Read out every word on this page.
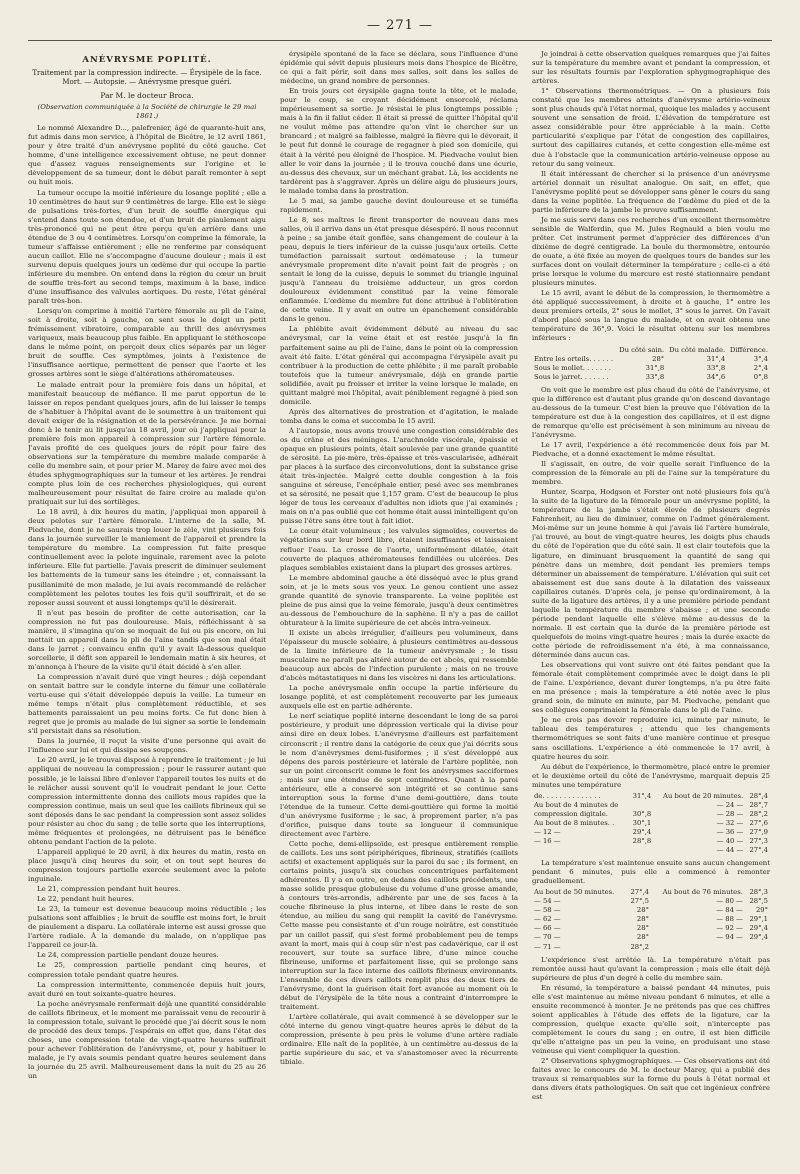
— 271 —
ANÉVRYSME POPLITÉ.
Traitement par la compression indirecte. — Érysipèle de la face. Mort. — Autopsie. — Anévrysme presque guéri.
Par M. le docteur Broca.
(Observation communiquée à la Société de chirurgie le 29 mai 1861.)

Le nommé Alexandre D..., palefrenier, âgé de quarante-huit ans, fut admis dans mon service, à l'hôpital de Bicêtre, le 12 avril 1861, pour y être traité d'un anévrysme poplité du côté gauche. Cet homme, d'une intelligence excessivement obtuse, ne peut donner que d'assez vagues renseignements sur l'origine et le développement de sa tumeur, dont le début paraît remonter à sept ou huit mois.

La tumeur occupe la moitié inférieure du losange poplité ; elle a 10 centimètres de haut sur 9 centimètres de large. Elle est le siège de pulsations très-fortes, d'un bruit de souffle énergique qui s'entend dans toute son étendue, et d'un bruit de piaulement aigu très-prononcé qui ne peut être perçu qu'en arrière dans une étendue de 3 ou 4 centimètres. Lorsqu'on comprime la fémorale, la tumeur s'affaisse entièrement ; elle ne renferme par conséquent aucun caillot. Elle ne s'accompagne d'aucune douleur ; mais il est survenu depuis quelques jours un œdème dur qui occupe la partie inférieure du membre. On entend dans la région du cœur un bruit de souffle très-fort au second temps, maximum à la base, indice d'une insuffisance des valvules aortiques. Du reste, l'état général paraît très-bon.

Lorsqu'on comprime à moitié l'artère fémorale au pli de l'aine, soit à droite, soit à gauche, on sent sous le doigt un petit frémissement vibratoire, comparable au thrill des anévrysmes variqueux, mais beaucoup plus faible. En appliquant le stéthoscope dans le même point, on perçoit deux clics séparés par un léger bruit de souffle. Ces symptômes, joints à l'existence de l'insuffisance aortique, permettent de penser que l'aorte et les grosses artères sont le siège d'altérations athéromateuses.

Le malade entrait pour la première fois dans un hôpital, et manifestait beaucoup de méfiance. Il me parut opportun de le laisser en repos pendant quelques jours, afin de lui laisser le temps de s'habituer à l'hôpital avant de le soumettre à un traitement qui devait exiger de la résignation et de la persévérance. Je me bornai donc à le tenir au lit jusqu'au 18 avril, jour où j'appliquai pour la première fois mon appareil à compression sur l'artère fémorale. J'avais profité de ces quelques jours de répit pour faire des observations sur la température du membre malade comparée à celle du membre sain, et pour prier M. Marey de faire avec moi des études sphygmographiques sur la tumeur et les artères. Je rendrai compte plus loin de ces recherches physiologiques, qui eurent malheureusement pour résultat de faire croire au malade qu'on pratiquait sur lui des sortilèges.

Le 18 avril, à dix heures du matin, j'appliquai mon appareil à deux pelotes sur l'artère fémorale. L'interne de la salle, M. Piedvache, dont je ne saurais trop louer le zèle, vint plusieurs fois dans la journée surveiller le maniement de l'appareil et prendre la température du membre. La compression fut faite presque continuellement avec la pelote inguinale, rarement avec la pelote inférieure. Elle fut partielle. J'avais prescrit de diminuer seulement les battements de la tumeur sans les éteindre ; et, connaissant la pusillanimité de mon malade, je lui avais recommandé de relâcher complètement les pelotes toutes les fois qu'il souffrirait, et de se reposer aussi souvent et aussi longtemps qu'il le désirerait.

Il n'eut pas besoin de profiter de cette autorisation, car la compression ne fut pas douloureuse. Mais, réfléchissant à sa manière, il s'imagina qu'on se moquait de lui ou pis encore, on lui mettait un appareil dans le pli de l'aine tandis que son mal était dans le jarret ; convaincu enfin qu'il y avait là-dessous quelque sorcellerie, il défit son appareil le lendemain matin à six heures, et m'annonça à l'heure de la visite qu'il était décidé à s'en aller.

La compression n'avait duré que vingt heures ; déjà cependant on sentait battre sur le condyle interne du fémur une collatérale vertu-euse qui s'était développée depuis la veille. La tumeur en même temps n'était plus complètement réductible, et ses battements paraissaient un peu moins forts. Ce fut donc bien à regret que je promis au malade de lui signer sa sortie le lendemain s'il persistait dans sa résolution.

Dans la journée, il reçut la visite d'une personne qui avait de l'influence sur lui et qui dissipa ses soupçons.

Le 20 avril, je le trouvai disposé à reprendre le traitement ; je lui appliquai de nouveau la compression ; pour le rassurer autant que possible, je le laissai libre d'enlever l'appareil toutes les nuits et de le relâcher aussi souvent qu'il le voudrait pendant le jour. Cette compression intermittente donna des caillots mous rapides que la compression continue, mais un seul que les caillots fibrineux qui se sont déposés dans le sac pendant la compression sont assez solides pour résister au choc du sang ; de telle sorte que les interruptions, même fréquentes et prolongées, ne détruisent pas le bénéfice obtenu pendant l'action de la pelote.

L'appareil appliqué le 20 avril, à dix heures du matin, resta en place jusqu'à cinq heures du soir, et on tout sept heures de compression toujours partielle exercée seulement avec la pelote inguinale.

Le 21, compression pendant huit heures.

Le 22, pendant huit heures.

Le 23, la tumeur est devenue beaucoup moins réductible ; les pulsations sont affaiblies ; le bruit de souffle est moins fort, le bruit de piaulement a disparu. La collatérale interne est aussi grosse que l'artère radiale. À la demande du malade, on n'applique pas l'appareil ce jour-là.

Le 24, compression partielle pendant douze heures.

Le 25, compression partielle pendant cinq heures, et compression totale pendant quatre heures.

La compression intermittente, commencée depuis huit jours, avait duré en tout soixante-quatre heures.

La poche anévrysmale renfermait déjà une quantité considérable de caillots fibrineux, et le moment me paraissait venu de recourir à la compression totale, suivant le procédé que j'ai décrit sous le nom de procédé des deux temps. J'espérais en effet que, dans l'état des choses, une compression totale de vingt-quatre heures suffirait pour achever l'oblitération de l'anévrysme, et, pour y habituer le malade, je l'y avais soumis pendant quatre heures seulement dans la journée du 25 avril. Malheureusement dans la nuit du 25 au 26 un

érysipèle spontané de la face se déclara, sous l'influence d'une épidémie qui sévit depuis plusieurs mois dans l'hospice de Bicêtre, ce qui a fait périr, soit dans mes salles, soit dans les salles de médecine, un grand nombre de personnes.

En trois jours cet érysipèle gagna toute la tête, et le malade, pour le coup, se croyant décidément ensorcelé, réclama impérieusement sa sortie. Je résistai le plus longtemps possible ; mais à la fin il fallut céder. Il était si pressé de quitter l'hôpital qu'il ne voulut même pas attendre qu'on vînt le chercher sur un brancard ; et malgré sa faiblesse, malgré la fièvre qui le dévorait, il le peut fut donné le courage de regagner à pied son domicile, qui était à la vérité peu éloigné de l'hospice. M. Piedvache voulut bien aller le voir dans la journée ; il le trouva couché dans une écurie, au-dessus des chevaux, sur un méchant grabat. Là, les accidents ne tardèrent pas à s'aggraver. Après un délire aigu de plusieurs jours, le malade tomba dans la prostration.

Le 5 mai, sa jambe gauche devint douloureuse et se tuméfia rapidement.

Le 8, ses maîtres le firent transporter de nouveau dans mes salles, où il arriva dans un état presque désespéré. Il nous reconnut à peine ; sa jambe était gonflée, sans changement de couleur à la peau, depuis le tiers inférieur de la cuisse jusqu'aux orteils. Cette tuméfaction paraissait surtout œdémateuse ; la tumeur anévrysmale proprement dite n'avait point fait de progrès ; on sentait le long de la cuisse, depuis le sommet du triangle inguinal jusqu'à l'anneau du troisième adducteur, un gros cordon douloureux évidemment constitué par la veine fémorale enflammée. L'œdème du membre fut donc attribué à l'oblitération de cette veine. Il y avait en outre un épanchement considérable dans le genou.

La phlébite avait évidemment débuté au niveau du sac anévrysmal, car la veine était et est restée jusqu'à la fin parfaitement saine au pli de l'aine, dans le point où la compression avait été faite. L'état général qui accompagna l'érysipèle avait pu contribuer à la production de cette phlébite ; il me paraît probable toutefois que la tumeur anévrysmale, déjà en grande partie solidifiée, avait pu froisser et irriter la veine lorsque le malade, en quittant malgré moi l'hôpital, avait péniblement regagné à pied son domicile.

Après des alternatives de prostration et d'agitation, le malade tomba dans le coma et succomba le 15 avril.

À l'autopsie, nous avons trouvé une congestion considérable des os du crâne et des méninges. L'arachnoïde viscérale, épaissie et opaque en plusieurs points, était soulevée par une grande quantité de sérosité. La pie-mère, très-épaisse et très-vascularisée, adhérait par places à la surface des circonvolutions, dont la substance grise était très-injectée. Malgré cette double congestion à la fois sanguine et séreuse, l'encéphale entier, pesé avec ses membranes et sa sérosité, ne pesait que 1,157 gram. C'est de beaucoup le plus léger de tous les cerveaux d'adultes non idiots que j'ai examinés ; mais on n'a pas oublié que cet homme était aussi inintelligent qu'on puisse l'être sans être tout à fait idiot.

Le cœur était volumineux ; les valvules sigmoïdes, couvertes de végétations sur leur bord libre, étaient insuffisantes et laissaient refluer l'eau. La crosse de l'aorte, uniformément dilatée, était couverte de plaques athéromateuses fendillées ou ulcérées. Des plaques semblables existaient dans la plupart des grosses artères.

Le membre abdominal gauche a été disséqué avec le plus grand soin, et je le mets sous vos yeux. Le genou contient une assez grande quantité de synovie transparente. La veine poplitée est pleine de pus ainsi que la veine fémorale, jusqu'à deux centimètres au-dessous de l'embouchure de la saphène. Il n'y a pas de caillot obturateur à la limite supérieure de cet abcès intra-veineux.

Il existe un abcès irrégulier, d'ailleurs peu volumineux, dans l'épaisseur du muscle soléaire, à plusieurs centimètres au-dessous de la limite inférieure de la tumeur anévrysmale ; le tissu musculaire ne paraît pas altéré autour de cet abcès, qui ressemble beaucoup aux abcès de l'infection purulente ; mais on ne trouve d'abcès métastatiques ni dans les viscères ni dans les articulations.

La poche anévrysmale enfin occupe la partie inférieure du losange poplité, et est complètement recouverte par les jumeaux auxquels elle est en partie adhérente.

Le nerf sciatique poplité interne descendant le long de sa paroi postérieure, y produit une dépression verticale qui la divise pour ainsi dire en deux lobes. L'anévrysme d'ailleurs est parfaitement circonscrit ; il rentre dans la catégorie de ceux que j'ai décrits sous le nom d'anévrysmes demi-fusiformes ; il s'est développé aux dépens des parois postérieure et latérale de l'artère poplitée, non sur un point circonscrit comme le font les anévrysmes sacciformes ; mais sur une étendue de sept centimètres. Quant à la paroi antérieure, elle a conservé son intégrité et se continue sans interruption sous la forme d'une demi-gouttière, dans toute l'étendue de la tumeur. Cette demi-gouttière qui forme la moitié d'un anévrysme fusiforme ; le sac, à proprement parler, n'a pas d'orifice, puisque dans toute sa longueur il communique directement avec l'artère.

Cette poche, demi-ellipsoïde, est presque entièrement remplie de caillots. Les uns sont périphériques, fibrineux, stratifiés (caillots actifs) et exactement appliqués sur la paroi du sac ; ils forment, en certains points, jusqu'à six couches concentriques parfaitement adhérentes. Il y a en outre, en dedans des caillots précédents, une masse solide presque globuleuse du volume d'une grosse amande, à contours très-arrondis, adhérente par une de ses faces à la couche fibrineuse la plus interne, et libre dans le reste de son étendue, au milieu du sang qui remplit la cavité de l'anévrysme. Cette masse peu consistante et d'un rouge noirâtre, est constituée par un caillot passif, qui s'est formé probablement peu de temps avant la mort, mais qui à coup sûr n'est pas cadavérique, car il est recouvert, sur toute sa surface libre, d'une mince couche fibrineuse, uniforme et parfaitement lisse, qui se prolonge sans interruption sur la face interne des caillots fibrineux environnants. L'ensemble de ces divers caillots remplit plus des deux tiers de l'anévrysme, dont la guérison était fort avancée au moment où le début de l'érysipèle de la tête nous a contraint d'interrompre le traitement.

L'artère collatérale, qui avait commencé à se développer sur le côté interne du genou vingt-quatre heures après le début de la compression, présente à peu près le volume d'une artère radiale ordinaire. Elle naît de la poplitée, à un centimètre au-dessus de la partie supérieure du sac, et va s'anastomoser avec la récurrente tibiale.

Je joindrai à cette observation quelques remarques que j'ai faites sur la température du membre avant et pendant la compression, et sur les résultats fournis par l'exploration sphygmographique des artères.

1° Observations thermométriques. — On a plusieurs fois constaté que les membres atteints d'anévrysme artério-veineux sont plus chauds qu'à l'état normal, quoique les malades y accusent souvent une sensation de froid. L'élévation de température est assez considérable pour être appréciable à la main. Cette particularité s'explique par l'état de congestion des capillaires, surtout des capillaires cutanés, et cette congestion elle-même est due à l'obstacle que la communication artério-veineuse oppose au retour du sang veineux.

Il était intéressant de chercher si la présence d'un anévrysme artériel donnait un résultat analogue. On sait, en effet, que l'anévrysme poplité peut se développer sans gêner le cours du sang dans la veine poplitée. La fréquence de l'œdème du pied et de la partie inférieure de la jambe le prouve suffisamment.

Je me suis servi dans ces recherches d'un excellent thermomètre sensible de Walferdin, que M. Jules Regnauld a bien voulu me prêter. Cet instrument permet d'apprécier des différences d'un dixième de degré centigrade. La boule du thermomètre, entourée de ouate, a été fixée au moyen de quelques tours de bandes sur les surfaces dont on voulait déterminer la température ; celle-ci a été prise lorsque le volume du mercure est resté stationnaire pendant plusieurs minutes.

Le 15 avril, avant le début de la compression, le thermomètre a été appliqué successivement, à droite et à gauche, 1° entre les deux premiers orteils, 2° sous le mollet, 3° sous le jarret. On l'avait d'abord placé sous la langue du malade, et on avait obtenu une température de 36°,9. Voici le résultat obtenu sur les membres inférieurs :

	Du côté sain.	Du côté malade.	Différence.
Entre les orteils. . . . . .	28°	31°,4	3°,4
Sous le mollet. . . . . . .	31°,8	33°,8	2°,4
Sous le jarret. . . . . . .	33°,8	34°,6	0°,8

On voit que le membre est plus chaud du côté de l'anévrysme, et que la différence est d'autant plus grande qu'on descend davantage au-dessous de la tumeur. C'est bien la preuve que l'élévation de la température est due à la congestion des capillaires, et il est digne de remarque qu'elle est précisément à son minimum au niveau de l'anévrysme.

Le 17 avril, l'expérience a été recommencée deux fois par M. Piedvache, et a donné exactement le même résultat.

Il s'agissait, en outre, de voir quelle serait l'influence de la compression de la fémorale au pli de l'aine sur la température du membre.

Hunter, Scarpa, Hodgson et Forster ont noté plusieurs fois qu'à la suite de la ligature de la fémorale pour un anévrysme poplité, la température de la jambe s'était élevée de plusieurs degrés Fahrenheit, au lieu de diminuer, comme on l'admet généralement. Moi-même sur un jeune homme à qui j'avais lié l'artère humérale, j'ai trouvé, au bout de vingt-quatre heures, les doigts plus chauds du côté de l'opération que du côté sain. Il est clair toutefois que la ligature, en diminuant brusquement la quantité de sang qui pénètre dans un membre, doit pendant les premiers temps déterminer un abaissement de température. L'élévation qui suit cet abaissement est due sans doute à la dilatation des vaisseaux capillaires cutanés. D'après cela, je pense qu'ordinairement, à la suite de la ligature des artères, il y a une première période pendant laquelle la température du membre s'abaisse ; et une seconde période pendant laquelle elle s'élève même au-dessus de la normale. Il est certain que la durée de la première période est quelquefois de moins vingt-quatre heures ; mais la durée exacte de cette période de refroidissement n'a été, à ma connaissance, déterminée dans aucun cas.

Les observations qui vont suivre ont été faites pendant que la fémorale était complètement comprimée avec le doigt dans le pli de l'aine. L'expérience, devant durer longtemps, n'a pu être faite en ma présence ; mais la température a été notée avec le plus grand soin, de minute en minute, par M. Piedvache, pendant que ses collègues comprimaient la fémorale dans le pli de l'aine.

Je ne crois pas devoir reproduire ici, minute par minute, le tableau des températures ; attendu que les changements thermométriques se sont faits d'une manière continue et presque sans oscillations. L'expérience a été commencée le 17 avril, à quatre heures du soir.

Au début de l'expérience, le thermomètre, placé entre le premier et le deuxième orteil du côté de l'anévrysme, marquait depuis 25 minutes une température

de. . . . . . . . . . . . . .	31°,4	Au bout de 20 minutes.	28°,4
Au bout de 4 minutes de		— 24 —	28°,7
compression digitale.	30°,8	— 28 —	28°,2
Au bout de 8 minutes. .	30°,1	— 32 —	27°,6
— 12 —	29°,4	— 36 —	27°,9
— 16 —	28°,8	— 40 —	27°,3
		— 44 —	27°,4

La température s'est maintenue ensuite sans aucun changement pendant 6 minutes, puis elle a commencé à remonter graduellement.

Au bout de 50 minutes.	27°,4	Au bout de 76 minutes.	28°,3
— 54 —	27°,5	— 80 —	28°,5
— 58 —	28°	— 84 —	29°
— 62 —	28°	— 88 —	29°,1
— 66 —	28°	— 92 —	29°,4
— 70 —	28°	— 94 —	29°,4
— 71 —	28°,2		

L'expérience s'est arrêtée là. La température n'était pas remontée aussi haut qu'avant la compression ; mais elle était déjà supérieure de plus d'un degré à celle du membre sain.

En résumé, la température a baissé pendant 44 minutes, puis elle s'est maintenue au même niveau pendant 6 minutes, et elle a ensuite recommencé à monter. Je ne prétends pas que ces chiffres soient applicables à l'étude des effets de la ligature, car la compression, quelque exacte qu'elle soit, n'intercepte pas complètement le cours du sang ; en outre, il est bien difficile qu'elle n'atteigne pas un peu la veine, en produisant une stase veineuse qui vient compliquer la question.

2° Observations sphygmographiques. — Ces observations ont été faites avec le concours de M. le docteur Marey, qui a publié des travaux si remarquables sur la forme du pouls à l'état normal et dans divers états pathologiques. On sait que cet ingénieux confrère est
